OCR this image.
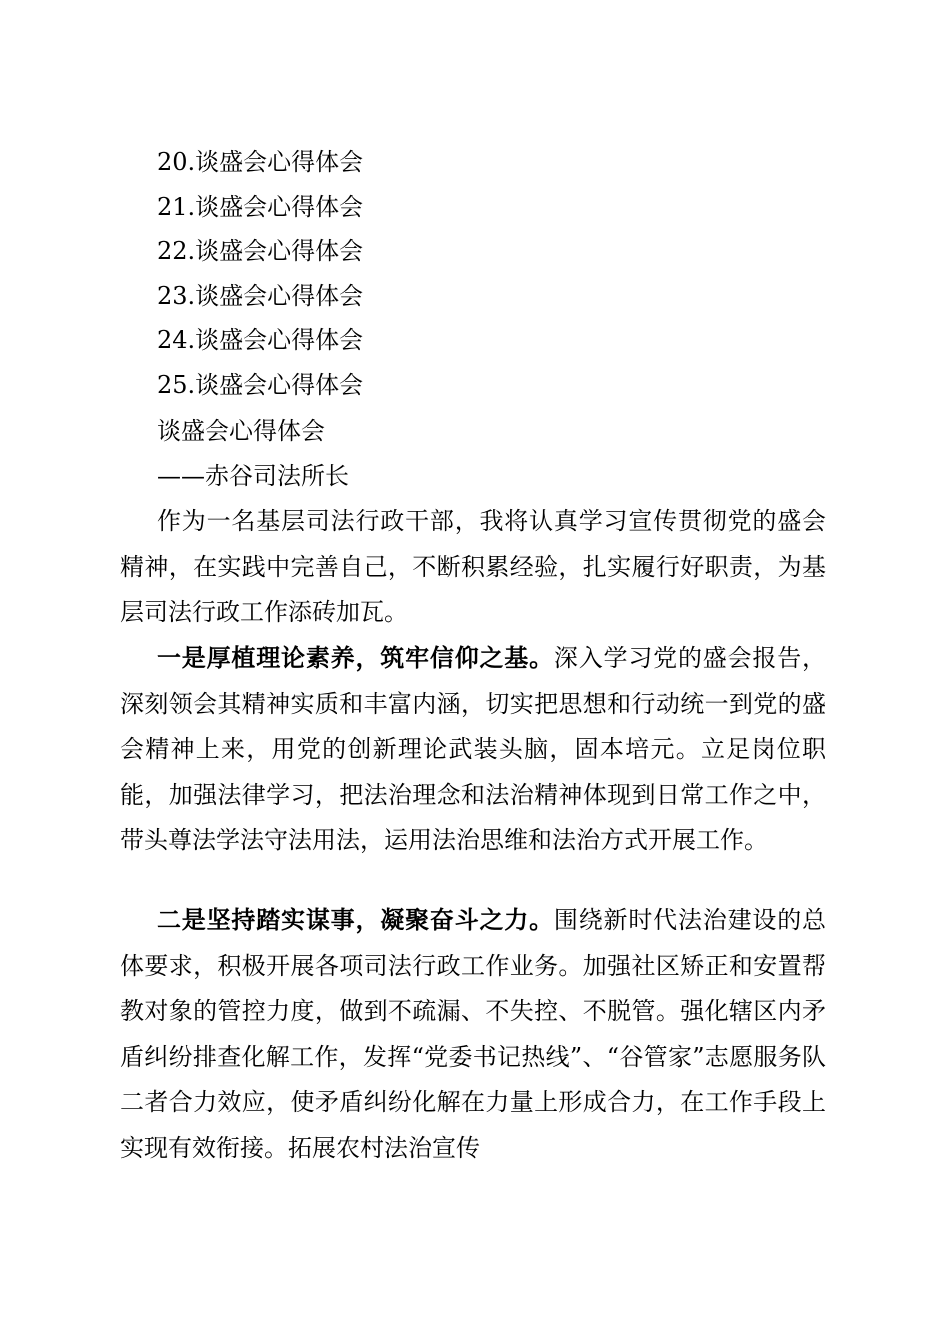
20.谈盛会心得体会
21.谈盛会心得体会
22.谈盛会心得体会
23.谈盛会心得体会
24.谈盛会心得体会
25.谈盛会心得体会
谈盛会心得体会
——赤谷司法所长

作为一名基层司法行政干部，我将认真学习宣传贯彻党的盛会精神，在实践中完善自己，不断积累经验，扎实履行好职责，为基层司法行政工作添砖加瓦。

一是厚植理论素养，筑牢信仰之基。深入学习党的盛会报告，深刻领会其精神实质和丰富内涵，切实把思想和行动统一到党的盛会精神上来，用党的创新理论武装头脑，固本培元。立足岗位职能，加强法律学习，把法治理念和法治精神体现到日常工作之中，带头尊法学法守法用法，运用法治思维和法治方式开展工作。

二是坚持踏实谋事，凝聚奋斗之力。围绕新时代法治建设的总体要求，积极开展各项司法行政工作业务。加强社区矫正和安置帮教对象的管控力度，做到不疏漏、不失控、不脱管。强化辖区内矛盾纠纷排查化解工作，发挥“党委书记热线”、“谷管家”志愿服务队二者合力效应，使矛盾纠纷化解在力量上形成合力，在工作手段上实现有效衔接。拓展农村法治宣传
